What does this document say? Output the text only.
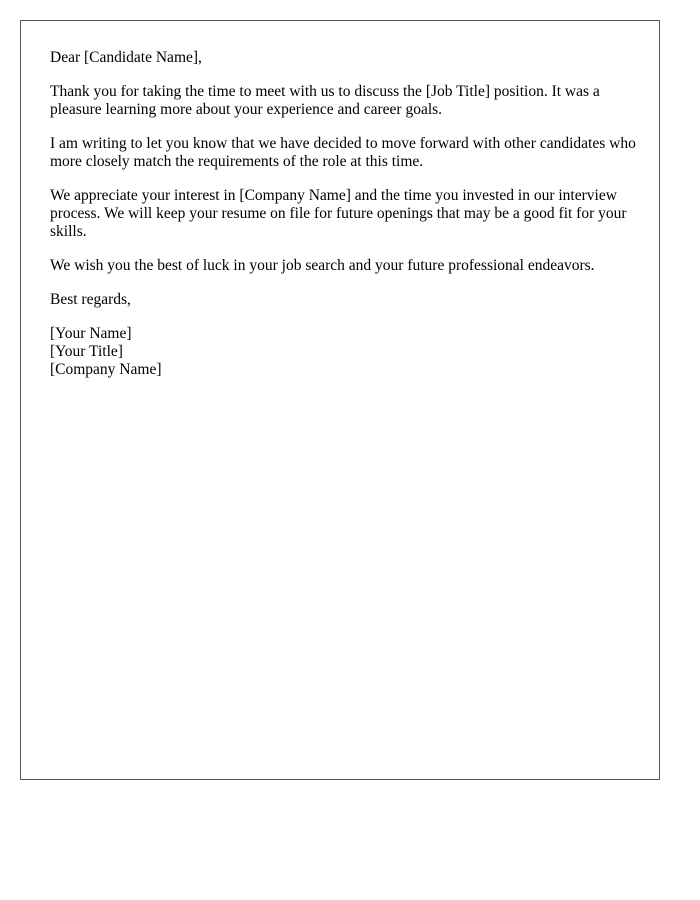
Dear [Candidate Name],

Thank you for taking the time to meet with us to discuss the [Job Title] position. It was a pleasure learning more about your experience and career goals.

I am writing to let you know that we have decided to move forward with other candidates who more closely match the requirements of the role at this time.

We appreciate your interest in [Company Name] and the time you invested in our interview process. We will keep your resume on file for future openings that may be a good fit for your skills.

We wish you the best of luck in your job search and your future professional endeavors.

Best regards,

[Your Name]
[Your Title]
[Company Name]
